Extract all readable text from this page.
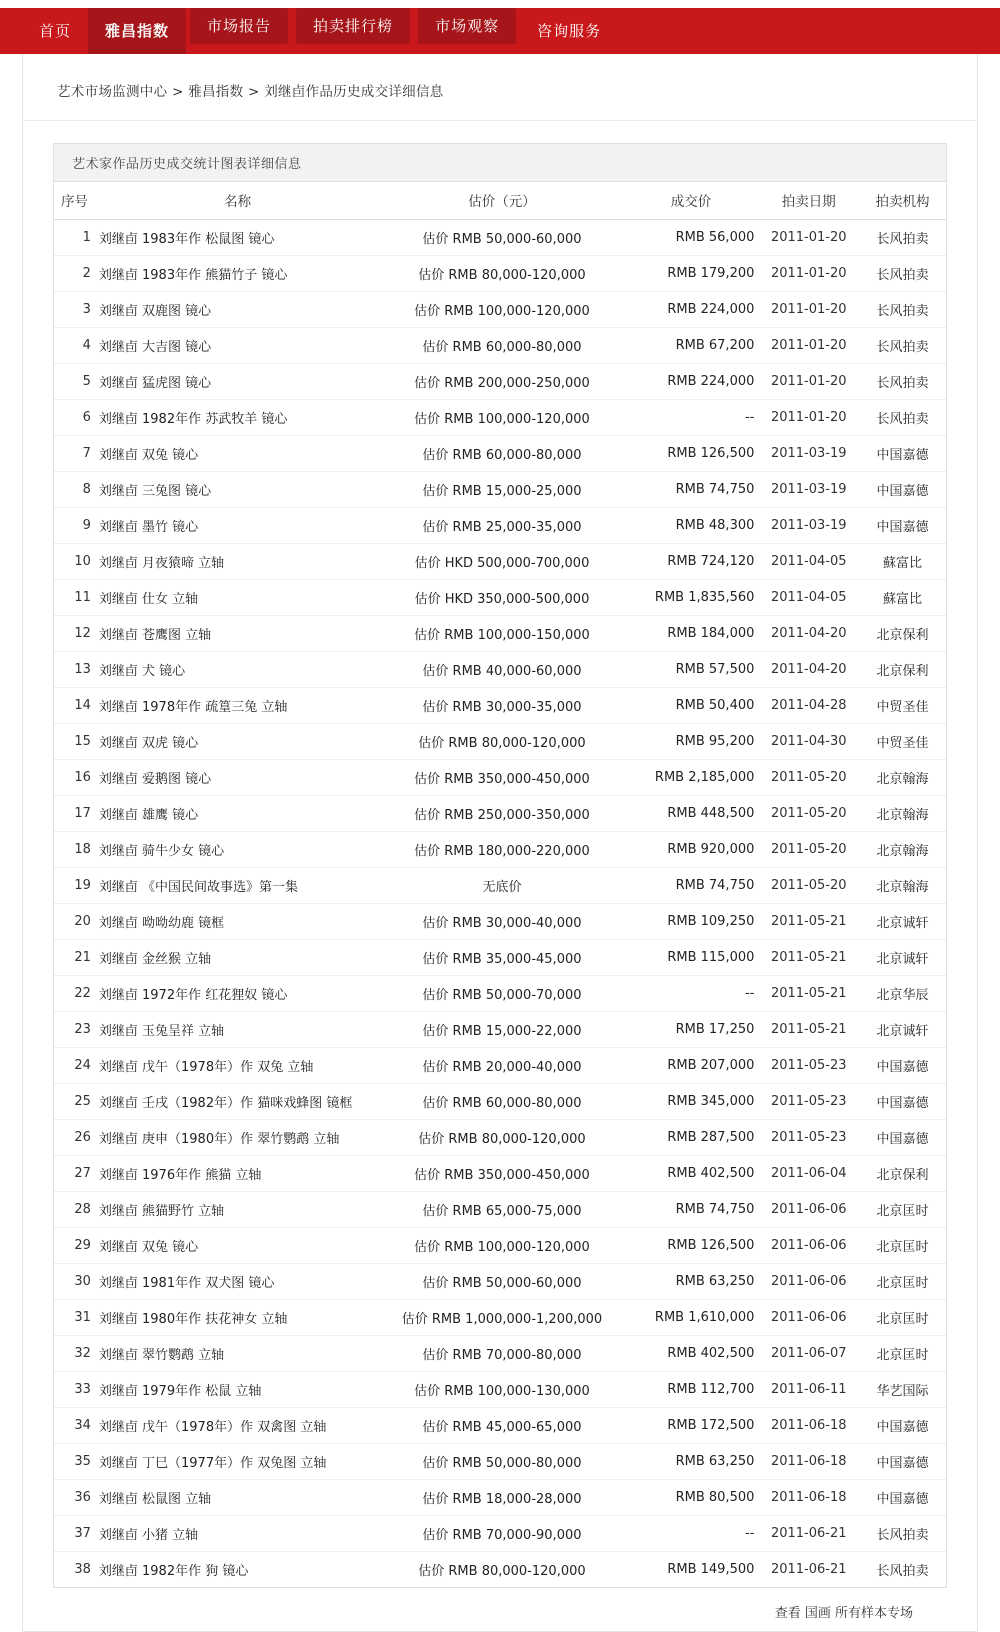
首页	雅昌指数	市场报告	拍卖排行榜	市场观察	咨询服务
艺术市场监测中心 > 雅昌指数 > 刘继卣作品历史成交详细信息
艺术家作品历史成交统计图表详细信息
序号	名称	估价（元）	成交价	拍卖日期	拍卖机构
1	刘继卣 1983年作 松鼠图 镜心	估价 RMB 50,000-60,000	RMB 56,000	2011-01-20	长风拍卖
2	刘继卣 1983年作 熊猫竹子 镜心	估价 RMB 80,000-120,000	RMB 179,200	2011-01-20	长风拍卖
3	刘继卣 双鹿图 镜心	估价 RMB 100,000-120,000	RMB 224,000	2011-01-20	长风拍卖
4	刘继卣 大吉图 镜心	估价 RMB 60,000-80,000	RMB 67,200	2011-01-20	长风拍卖
5	刘继卣 猛虎图 镜心	估价 RMB 200,000-250,000	RMB 224,000	2011-01-20	长风拍卖
6	刘继卣 1982年作 苏武牧羊 镜心	估价 RMB 100,000-120,000	--	2011-01-20	长风拍卖
7	刘继卣 双兔 镜心	估价 RMB 60,000-80,000	RMB 126,500	2011-03-19	中国嘉德
8	刘继卣 三兔图 镜心	估价 RMB 15,000-25,000	RMB 74,750	2011-03-19	中国嘉德
9	刘继卣 墨竹 镜心	估价 RMB 25,000-35,000	RMB 48,300	2011-03-19	中国嘉德
10	刘继卣 月夜猿啼 立轴	估价 HKD 500,000-700,000	RMB 724,120	2011-04-05	蘇富比
11	刘继卣 仕女 立轴	估价 HKD 350,000-500,000	RMB 1,835,560	2011-04-05	蘇富比
12	刘继卣 苍鹰图 立轴	估价 RMB 100,000-150,000	RMB 184,000	2011-04-20	北京保利
13	刘继卣 犬 镜心	估价 RMB 40,000-60,000	RMB 57,500	2011-04-20	北京保利
14	刘继卣 1978年作 疏篁三兔 立轴	估价 RMB 30,000-35,000	RMB 50,400	2011-04-28	中贸圣佳
15	刘继卣 双虎 镜心	估价 RMB 80,000-120,000	RMB 95,200	2011-04-30	中贸圣佳
16	刘继卣 爱鹅图 镜心	估价 RMB 350,000-450,000	RMB 2,185,000	2011-05-20	北京翰海
17	刘继卣 雄鹰 镜心	估价 RMB 250,000-350,000	RMB 448,500	2011-05-20	北京翰海
18	刘继卣 骑牛少女 镜心	估价 RMB 180,000-220,000	RMB 920,000	2011-05-20	北京翰海
19	刘继卣 《中国民间故事选》第一集	无底价	RMB 74,750	2011-05-20	北京翰海
20	刘继卣 呦呦幼鹿 镜框	估价 RMB 30,000-40,000	RMB 109,250	2011-05-21	北京诚轩
21	刘继卣 金丝猴 立轴	估价 RMB 35,000-45,000	RMB 115,000	2011-05-21	北京诚轩
22	刘继卣 1972年作 红花狸奴 镜心	估价 RMB 50,000-70,000	--	2011-05-21	北京华辰
23	刘继卣 玉兔呈祥 立轴	估价 RMB 15,000-22,000	RMB 17,250	2011-05-21	北京诚轩
24	刘继卣 戊午（1978年）作 双兔 立轴	估价 RMB 20,000-40,000	RMB 207,000	2011-05-23	中国嘉德
25	刘继卣 壬戌（1982年）作 猫咪戏蜂图 镜框	估价 RMB 60,000-80,000	RMB 345,000	2011-05-23	中国嘉德
26	刘继卣 庚申（1980年）作 翠竹鹦鹉 立轴	估价 RMB 80,000-120,000	RMB 287,500	2011-05-23	中国嘉德
27	刘继卣 1976年作 熊猫 立轴	估价 RMB 350,000-450,000	RMB 402,500	2011-06-04	北京保利
28	刘继卣 熊猫野竹 立轴	估价 RMB 65,000-75,000	RMB 74,750	2011-06-06	北京匡时
29	刘继卣 双兔 镜心	估价 RMB 100,000-120,000	RMB 126,500	2011-06-06	北京匡时
30	刘继卣 1981年作 双犬图 镜心	估价 RMB 50,000-60,000	RMB 63,250	2011-06-06	北京匡时
31	刘继卣 1980年作 扶花神女 立轴	估价 RMB 1,000,000-1,200,000	RMB 1,610,000	2011-06-06	北京匡时
32	刘继卣 翠竹鹦鹉 立轴	估价 RMB 70,000-80,000	RMB 402,500	2011-06-07	北京匡时
33	刘继卣 1979年作 松鼠 立轴	估价 RMB 100,000-130,000	RMB 112,700	2011-06-11	华艺国际
34	刘继卣 戊午（1978年）作 双禽图 立轴	估价 RMB 45,000-65,000	RMB 172,500	2011-06-18	中国嘉德
35	刘继卣 丁巳（1977年）作 双兔图 立轴	估价 RMB 50,000-80,000	RMB 63,250	2011-06-18	中国嘉德
36	刘继卣 松鼠图 立轴	估价 RMB 18,000-28,000	RMB 80,500	2011-06-18	中国嘉德
37	刘继卣 小猪 立轴	估价 RMB 70,000-90,000	--	2011-06-21	长风拍卖
38	刘继卣 1982年作 狗 镜心	估价 RMB 80,000-120,000	RMB 149,500	2011-06-21	长风拍卖
查看 国画 所有样本专场
